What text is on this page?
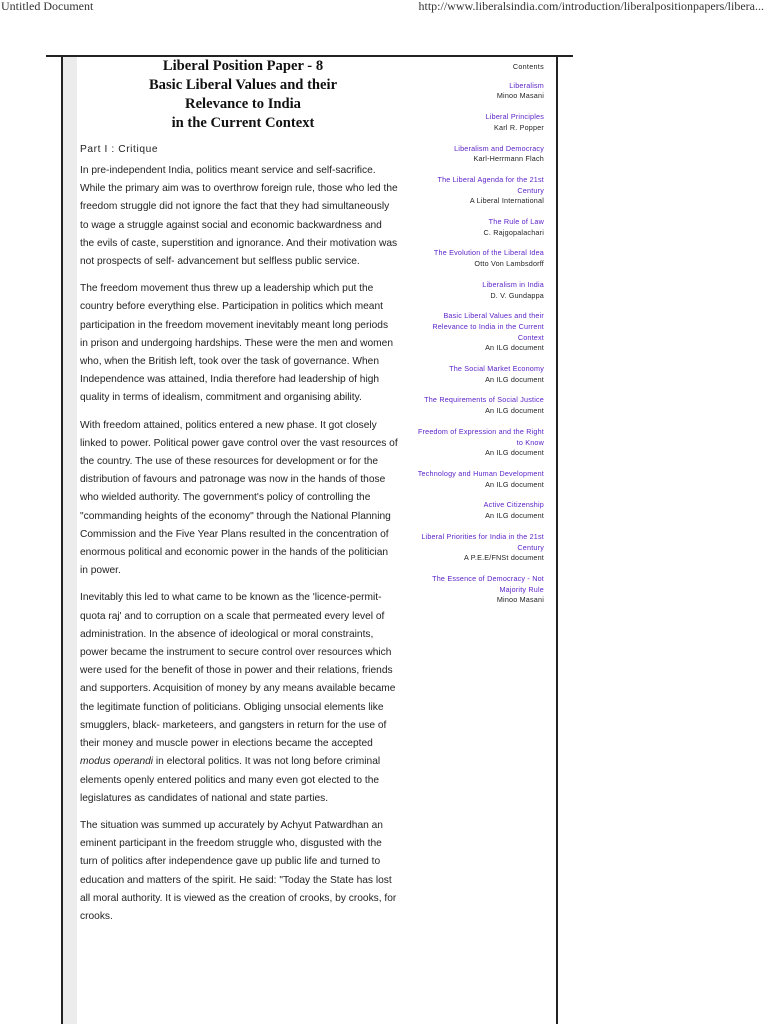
Untitled Document	http://www.liberalsindia.com/introduction/liberalpositionpapers/libera...
Liberal Position Paper - 8
Basic Liberal Values and their
Relevance to India
in the Current Context
Part I : Critique

In pre-independent India, politics meant service and self-sacrifice. While the primary aim was to overthrow foreign rule, those who led the freedom struggle did not ignore the fact that they had simultaneously to wage a struggle against social and economic backwardness and the evils of caste, superstition and ignorance. And their motivation was not prospects of self- advancement but selfless public service.

The freedom movement thus threw up a leadership which put the country before everything else. Participation in politics which meant participation in the freedom movement inevitably meant long periods in prison and undergoing hardships. These were the men and women who, when the British left, took over the task of governance. When Independence was attained, India therefore had leadership of high quality in terms of idealism, commitment and organising ability.

With freedom attained, politics entered a new phase. It got closely linked to power. Political power gave control over the vast resources of the country. The use of these resources for development or for the distribution of favours and patronage was now in the hands of those who wielded authority. The government's policy of controlling the "commanding heights of the economy" through the National Planning Commission and the Five Year Plans resulted in the concentration of enormous political and economic power in the hands of the politician in power.

Inevitably this led to what came to be known as the 'licence-permit-quota raj' and to corruption on a scale that permeated every level of administration. In the absence of ideological or moral constraints, power became the instrument to secure control over resources which were used for the benefit of those in power and their relations, friends and supporters. Acquisition of money by any means available became the legitimate function of politicians. Obliging unsocial elements like smugglers, black- marketeers, and gangsters in return for the use of their money and muscle power in elections became the accepted modus operandi in electoral politics. It was not long before criminal elements openly entered politics and many even got elected to the legislatures as candidates of national and state parties.

The situation was summed up accurately by Achyut Patwardhan an eminent participant in the freedom struggle who, disgusted with the turn of politics after independence gave up public life and turned to education and matters of the spirit. He said: "Today the State has lost all moral authority. It is viewed as the creation of crooks, by crooks, for crooks.

Contents
Liberalism
Minoo Masani
Liberal Principles
Karl R. Popper
Liberalism and Democracy
Karl-Herrmann Flach
The Liberal Agenda for the 21st Century
A Liberal International
The Rule of Law
C. Rajgopalachari
The Evolution of the Liberal Idea
Otto Von Lambsdorff
Liberalism in India
D. V. Gundappa
Basic Liberal Values and their Relevance to India in the Current Context
An ILG document
The Social Market Economy
An ILG document
The Requirements of Social Justice
An ILG document
Freedom of Expression and the Right to Know
An ILG document
Technology and Human Development
An ILG document
Active Citizenship
An ILG document
Liberal Priorities for India in the 21st Century
A P.E.E/FNSt document
The Essence of Democracy - Not Majority Rule
Minoo Masani
